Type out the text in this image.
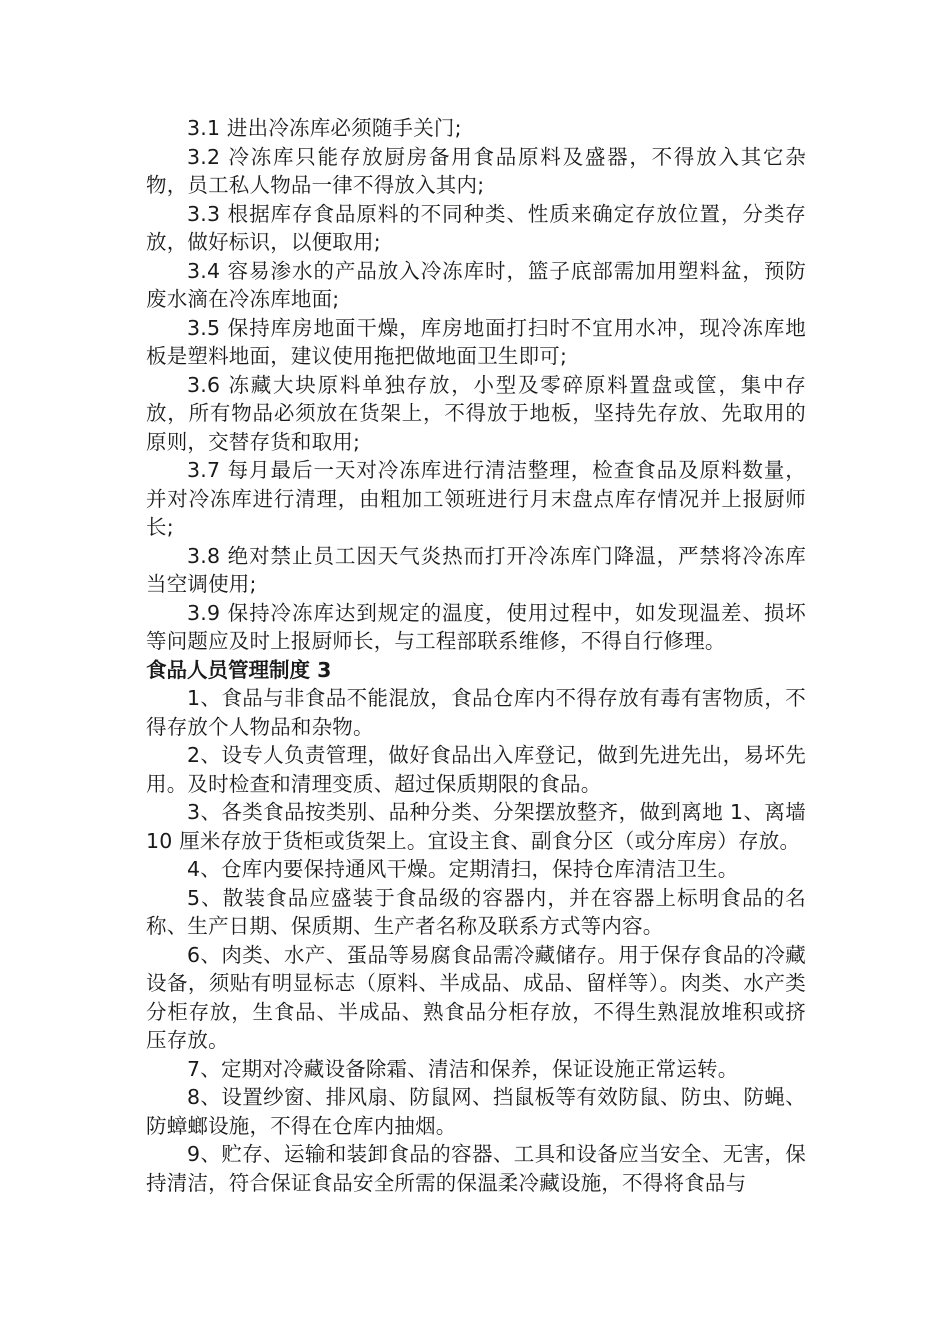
3.1 进出冷冻库必须随手关门;

3.2 冷冻库只能存放厨房备用食品原料及盛器，不得放入其它杂物，员工私人物品一律不得放入其内;

3.3 根据库存食品原料的不同种类、性质来确定存放位置，分类存放，做好标识，以便取用;

3.4 容易渗水的产品放入冷冻库时，篮子底部需加用塑料盆，预防废水滴在冷冻库地面;

3.5 保持库房地面干燥，库房地面打扫时不宜用水冲，现冷冻库地板是塑料地面，建议使用拖把做地面卫生即可;

3.6 冻藏大块原料单独存放，小型及零碎原料置盘或筐，集中存放，所有物品必须放在货架上，不得放于地板，坚持先存放、先取用的原则，交替存货和取用;

3.7 每月最后一天对冷冻库进行清洁整理，检查食品及原料数量，并对冷冻库进行清理，由粗加工领班进行月末盘点库存情况并上报厨师长;

3.8 绝对禁止员工因天气炎热而打开冷冻库门降温，严禁将冷冻库当空调使用;

3.9 保持冷冻库达到规定的温度，使用过程中，如发现温差、损坏等问题应及时上报厨师长，与工程部联系维修，不得自行修理。

食品人员管理制度 3

1、食品与非食品不能混放，食品仓库内不得存放有毒有害物质，不得存放个人物品和杂物。

2、设专人负责管理，做好食品出入库登记，做到先进先出，易坏先用。及时检查和清理变质、超过保质期限的食品。

3、各类食品按类别、品种分类、分架摆放整齐，做到离地 1、离墙 10 厘米存放于货柜或货架上。宜设主食、副食分区（或分库房）存放。

4、仓库内要保持通风干燥。定期清扫，保持仓库清洁卫生。

5、散装食品应盛装于食品级的容器内，并在容器上标明食品的名称、生产日期、保质期、生产者名称及联系方式等内容。

6、肉类、水产、蛋品等易腐食品需冷藏储存。用于保存食品的冷藏设备，须贴有明显标志（原料、半成品、成品、留样等）。肉类、水产类分柜存放，生食品、半成品、熟食品分柜存放，不得生熟混放堆积或挤压存放。

7、定期对冷藏设备除霜、清洁和保养，保证设施正常运转。

8、设置纱窗、排风扇、防鼠网、挡鼠板等有效防鼠、防虫、防蝇、防蟑螂设施，不得在仓库内抽烟。

9、贮存、运输和装卸食品的容器、工具和设备应当安全、无害，保持清洁，符合保证食品安全所需的保温柔冷藏设施，不得将食品与
